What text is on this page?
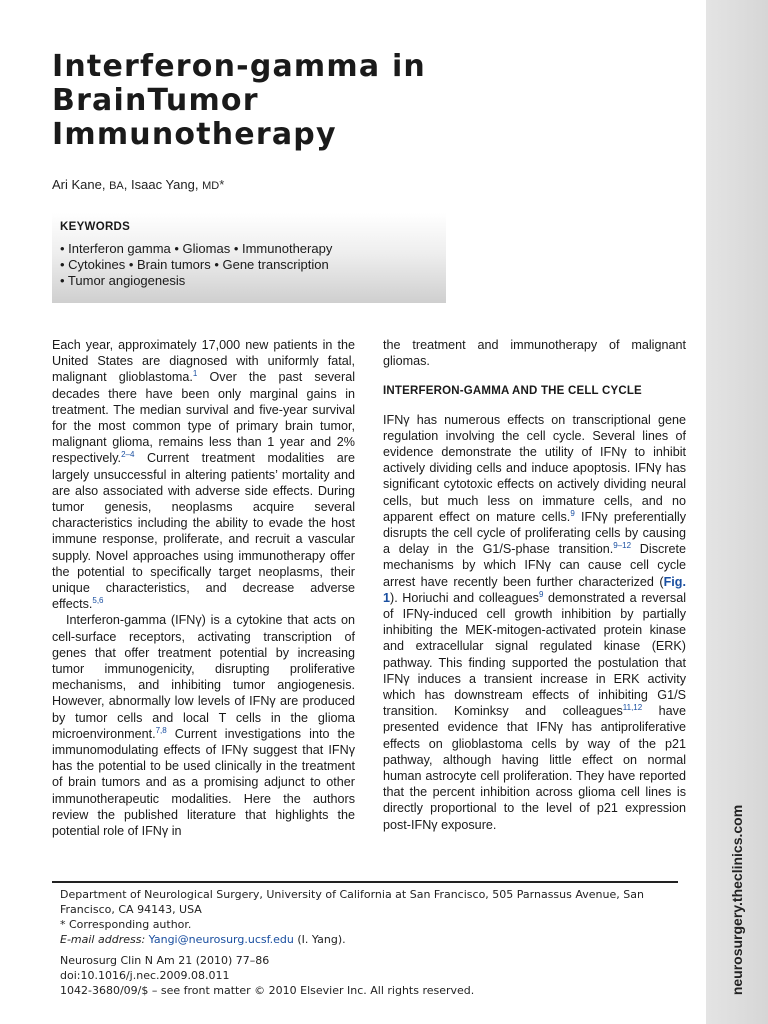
neurosurgery.theclinics.com
Interferon-gamma in
BrainTumor
Immunotherapy
Ari Kane, BA, Isaac Yang, MD*
KEYWORDS
• Interferon gamma • Gliomas • Immunotherapy
• Cytokines • Brain tumors • Gene transcription
• Tumor angiogenesis

Each year, approximately 17,000 new patients in the United States are diagnosed with uniformly fatal, malignant glioblastoma.$^1$ Over the past several decades there have been only marginal gains in treatment. The median survival and five-year survival for the most common type of primary brain tumor, malignant glioma, remains less than 1 year and 2% respectively.$^{2-4}$ Current treatment modalities are largely unsuccessful in altering patients’ mortality and are also associated with adverse side effects. During tumor genesis, neoplasms acquire several characteristics including the ability to evade the host immune response, proliferate, and recruit a vascular supply. Novel approaches using immunotherapy offer the potential to specifically target neoplasms, their unique characteristics, and decrease adverse effects.$^{5,6}$

Interferon-gamma (IFNγ) is a cytokine that acts on cell-surface receptors, activating transcription of genes that offer treatment potential by increasing tumor immunogenicity, disrupting proliferative mechanisms, and inhibiting tumor angiogenesis. However, abnormally low levels of IFNγ are produced by tumor cells and local T cells in the glioma microenvironment.$^{7,8}$ Current investigations into the immunomodulating effects of IFNγ suggest that IFNγ has the potential to be used clinically in the treatment of brain tumors and as a promising adjunct to other immunotherapeutic modalities. Here the authors review the published literature that highlights the potential role of IFNγ in

the treatment and immunotherapy of malignant gliomas.

INTERFERON-GAMMA AND THE CELL CYCLE

IFNγ has numerous effects on transcriptional gene regulation involving the cell cycle. Several lines of evidence demonstrate the utility of IFNγ to inhibit actively dividing cells and induce apoptosis. IFNγ has significant cytotoxic effects on actively dividing neural cells, but much less on immature cells, and no apparent effect on mature cells.$^9$ IFNγ preferentially disrupts the cell cycle of proliferating cells by causing a delay in the G1/S-phase transition.$^{9-12}$ Discrete mechanisms by which IFNγ can cause cell cycle arrest have recently been further characterized (Fig. 1). Horiuchi and colleagues$^9$ demonstrated a reversal of IFNγ-induced cell growth inhibition by partially inhibiting the MEK-mitogen-activated protein kinase and extracellular signal regulated kinase (ERK) pathway. This finding supported the postulation that IFNγ induces a transient increase in ERK activity which has downstream effects of inhibiting G1/S transition. Kominksy and colleagues$^{11,12}$ have presented evidence that IFNγ has antiproliferative effects on glioblastoma cells by way of the p21 pathway, although having little effect on normal human astrocyte cell proliferation. They have reported that the percent inhibition across glioma cell lines is directly proportional to the level of p21 expression post-IFNγ exposure.

Department of Neurological Surgery, University of California at San Francisco, 505 Parnassus Avenue, San Francisco, CA 94143, USA

* Corresponding author.

E-mail address: Yangi@neurosurg.ucsf.edu (I. Yang).

Neurosurg Clin N Am 21 (2010) 77–86

doi:10.1016/j.nec.2009.08.011

1042-3680/09/$ – see front matter © 2010 Elsevier Inc. All rights reserved.
